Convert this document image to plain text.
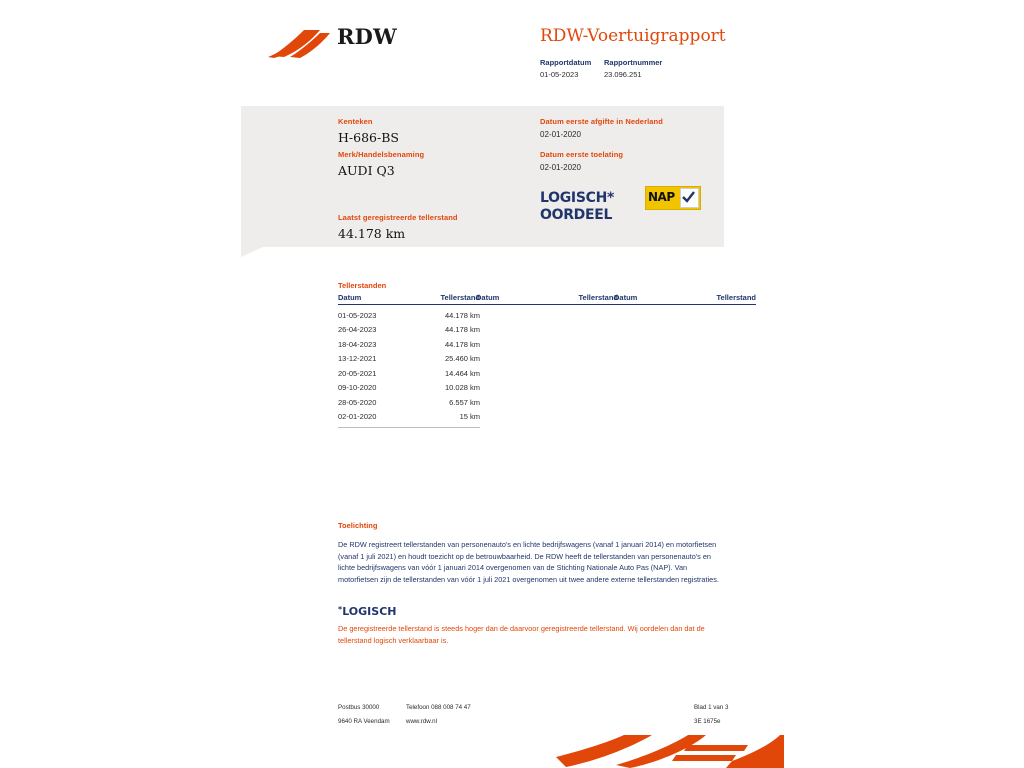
RDW	RDW-Voertuigrapport
Rapportdatum
01-05-2023
Rapportnummer
23.096.251
Kenteken
H-686-BS
Merk/Handelsbenaming
AUDI Q3
Laatst geregistreerde tellerstand
44.178 km
Datum eerste afgifte in Nederland
02-01-2020
Datum eerste toelating
02-01-2020
LOGISCH*
OORDEEL
NAP
Tellerstanden
Datum	Tellerstand
01-05-2023	44.178 km
26-04-2023	44.178 km
18-04-2023	44.178 km
13-12-2021	25.460 km
20-05-2021	14.464 km
09-10-2020	10.028 km
28-05-2020	6.557 km
02-01-2020	15 km
Datum	Tellerstand
Datum	Tellerstand
Toelichting
De RDW registreert tellerstanden van personenauto's en lichte bedrijfswagens (vanaf 1 januari 2014) en motorfietsen (vanaf 1 juli 2021) en houdt toezicht op de betrouwbaarheid. De RDW heeft de tellerstanden van personenauto's en lichte bedrijfswagens van vóór 1 januari 2014 overgenomen van de Stichting Nationale Auto Pas (NAP). Van motorfietsen zijn de tellerstanden van vóór 1 juli 2021 overgenomen uit twee andere externe tellerstanden registraties.
*LOGISCH
De geregistreerde tellerstand is steeds hoger dan de daarvoor geregistreerde tellerstand. Wij oordelen dan dat de tellerstand logisch verklaarbaar is.
Postbus 30000
9640 RA Veendam
Telefoon 088 008 74 47
www.rdw.nl
Blad 1 van 3
3E 1675e
